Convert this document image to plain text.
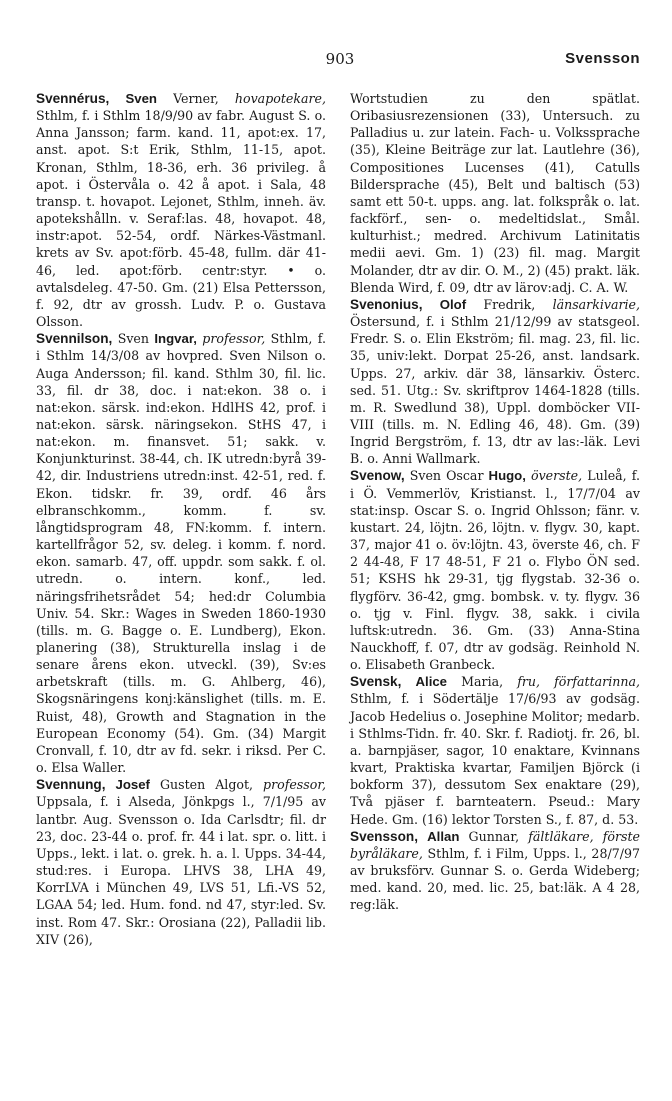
903	Svensson

Svennérus, Sven Verner, hovapotekare, Sthlm, f. i Sthlm 18/9/90 av fabr. August S. o. Anna Jansson; farm. kand. 11, apot:ex. 17, anst. apot. S:t Erik, Sthlm, 11-15, apot. Kronan, Sthlm, 18-36, erh. 36 privileg. å apot. i Östervåla o. 42 å apot. i Sala, 48 transp. t. hovapot. Lejonet, Sthlm, inneh. äv. apotekshålln. v. Seraf:las. 48, hovapot. 48, instr:apot. 52-54, ordf. Närkes-Västmanl. krets av Sv. apot:förb. 45-48, fullm. där 41-46, led. apot:förb. centr:styr. • o. avtalsdeleg. 47-50. Gm. (21) Elsa Pettersson, f. 92, dtr av grossh. Ludv. P. o. Gustava Olsson.

Svennilson, Sven Ingvar, professor, Sthlm, f. i Sthlm 14/3/08 av hovpred. Sven Nilson o. Auga Andersson; fil. kand. Sthlm 30, fil. lic. 33, fil. dr 38, doc. i nat:ekon. 38 o. i nat:ekon. särsk. ind:ekon. HdlHS 42, prof. i nat:ekon. särsk. näringsekon. StHS 47, i nat:ekon. m. finansvet. 51; sakk. v. Konjunkturinst. 38-44, ch. IK utredn:byrå 39-42, dir. Industriens utredn:inst. 42-51, red. f. Ekon. tidskr. fr. 39, ordf. 46 års elbranschkomm., komm. f. sv. långtidsprogram 48, FN:komm. f. intern. kartellfrågor 52, sv. deleg. i komm. f. nord. ekon. samarb. 47, off. uppdr. som sakk. f. ol. utredn. o. intern. konf., led. näringsfrihetsrådet 54; hed:dr Columbia Univ. 54. Skr.: Wages in Sweden 1860-1930 (tills. m. G. Bagge o. E. Lundberg), Ekon. planering (38), Strukturella inslag i de senare årens ekon. utveckl. (39), Sv:es arbetskraft (tills. m. G. Ahlberg, 46), Skogsnäringens konj:känslighet (tills. m. E. Ruist, 48), Growth and Stagnation in the European Economy (54). Gm. (34) Margit Cronvall, f. 10, dtr av fd. sekr. i riksd. Per C. o. Elsa Waller.

Svennung, Josef Gusten Algot, professor, Uppsala, f. i Alseda, Jönkpgs l., 7/1/95 av lantbr. Aug. Svensson o. Ida Carlsdtr; fil. dr 23, doc. 23-44 o. prof. fr. 44 i lat. spr. o. litt. i Upps., lekt. i lat. o. grek. h. a. l. Upps. 34-44, stud:res. i Europa. LHVS 38, LHA 49, KorrLVA i München 49, LVS 51, Lfi.-VS 52, LGAA 54; led. Hum. fond. nd 47, styr:led. Sv. inst. Rom 47. Skr.: Orosiana (22), Palladii lib. XIV (26),

Wortstudien zu den spätlat. Oribasiusrezensionen (33), Untersuch. zu Palladius u. zur latein. Fach- u. Volkssprache (35), Kleine Beiträge zur lat. Lautlehre (36), Compositiones Lucenses (41), Catulls Bildersprache (45), Belt und baltisch (53) samt ett 50-t. upps. ang. lat. folkspråk o. lat. fackförf., sen- o. medeltidslat., Smål. kulturhist.; medred. Archivum Latinitatis medii aevi. Gm. 1) (23) fil. mag. Margit Molander, dtr av dir. O. M., 2) (45) prakt. läk. Blenda Wird, f. 09, dtr av lärov:adj. C. A. W.

Svenonius, Olof Fredrik, länsarkivarie, Östersund, f. i Sthlm 21/12/99 av statsgeol. Fredr. S. o. Elin Ekström; fil. mag. 23, fil. lic. 35, univ:lekt. Dorpat 25-26, anst. landsark. Upps. 27, arkiv. där 38, länsarkiv. Österс. sed. 51. Utg.: Sv. skriftprov 1464-1828 (tills. m. R. Swedlund 38), Uppl. domböcker VII-VIII (tills. m. N. Edling 46, 48). Gm. (39) Ingrid Bergström, f. 13, dtr av las:-läk. Levi B. o. Anni Wallmark.

Svenow, Sven Oscar Hugo, överste, Luleå, f. i Ö. Vemmerlöv, Kristianst. l., 17/7/04 av stat:insp. Oscar S. o. Ingrid Ohlsson; fänr. v. kustart. 24, löjtn. 26, löjtn. v. flygv. 30, kapt. 37, major 41 o. öv:löjtn. 43, överste 46, ch. F 2 44-48, F 17 48-51, F 21 o. Flybo ÖN sed. 51; KSHS hk 29-31, tjg flygstab. 32-36 o. flygförv. 36-42, gmg. bombsk. v. ty. flygv. 36 o. tjg v. Finl. flygv. 38, sakk. i civila luftsk:utredn. 36. Gm. (33) Anna-Stina Nauckhoff, f. 07, dtr av godsäg. Reinhold N. o. Elisabeth Granbeck.

Svensk, Alice Maria, fru, författarinna, Sthlm, f. i Södertälje 17/6/93 av godsäg. Jacob Hedelius o. Josephine Molitor; medarb. i Sthlms-Tidn. fr. 40. Skr. f. Radiotj. fr. 26, bl. a. barnpjäser, sagor, 10 enaktare, Kvinnans kvart, Praktiska kvartar, Familjen Björck (i bokform 37), dessutom Sex enaktare (29), Två pjäser f. barnteatern. Pseud.: Mary Hede. Gm. (16) lektor Torsten S., f. 87, d. 53.

Svensson, Allan Gunnar, fältläkare, förste byråläkare, Sthlm, f. i Film, Upps. l., 28/7/97 av bruksförv. Gunnar S. o. Gerda Wideberg; med. kand. 20, med. lic. 25, bat:läk. A 4 28, reg:läk.
